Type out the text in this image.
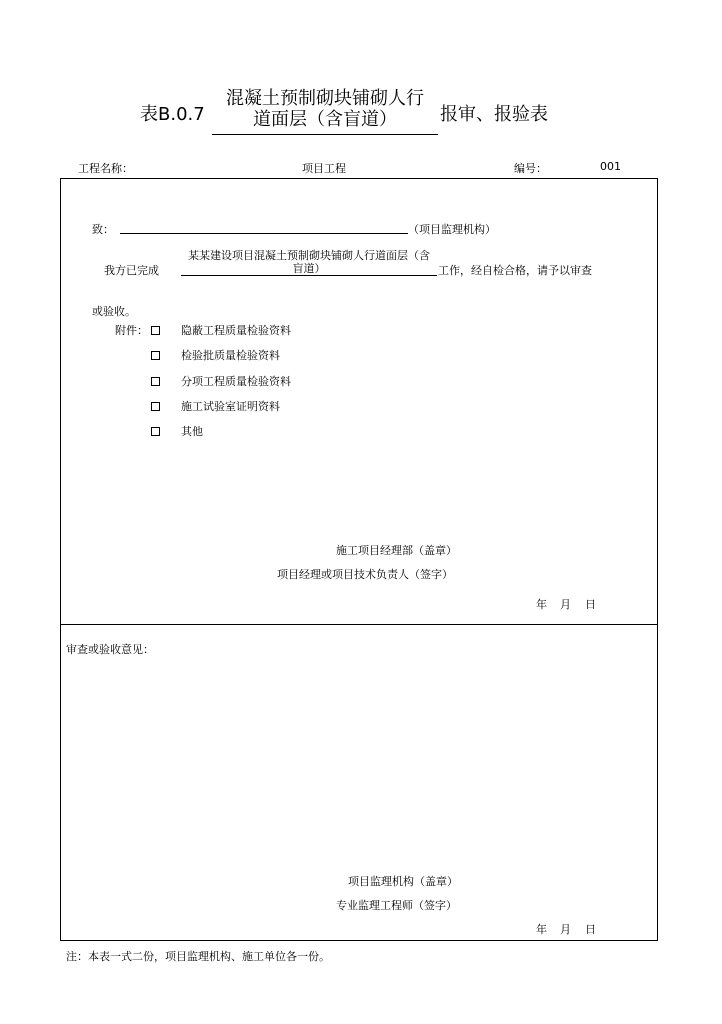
表B.0.7
混凝土预制砌块铺砌人行
道面层（含盲道）	报审、报验表
工程名称：	项目工程	编号：	001
致：	（项目监理机构）
我方已完成
某某建设项目混凝土预制砌块铺砌人行道面层（含
盲道）	工作，经自检合格，请予以审查
或验收。
附件：	隐蔽工程质量检验资料
检验批质量检验资料
分项工程质量检验资料
施工试验室证明资料
其他
施工项目经理部（盖章）
项目经理或项目技术负责人（签字）
年 月 日
审查或验收意见：
项目监理机构（盖章）
专业监理工程师（签字）
年 月 日
注：本表一式二份，项目监理机构、施工单位各一份。
